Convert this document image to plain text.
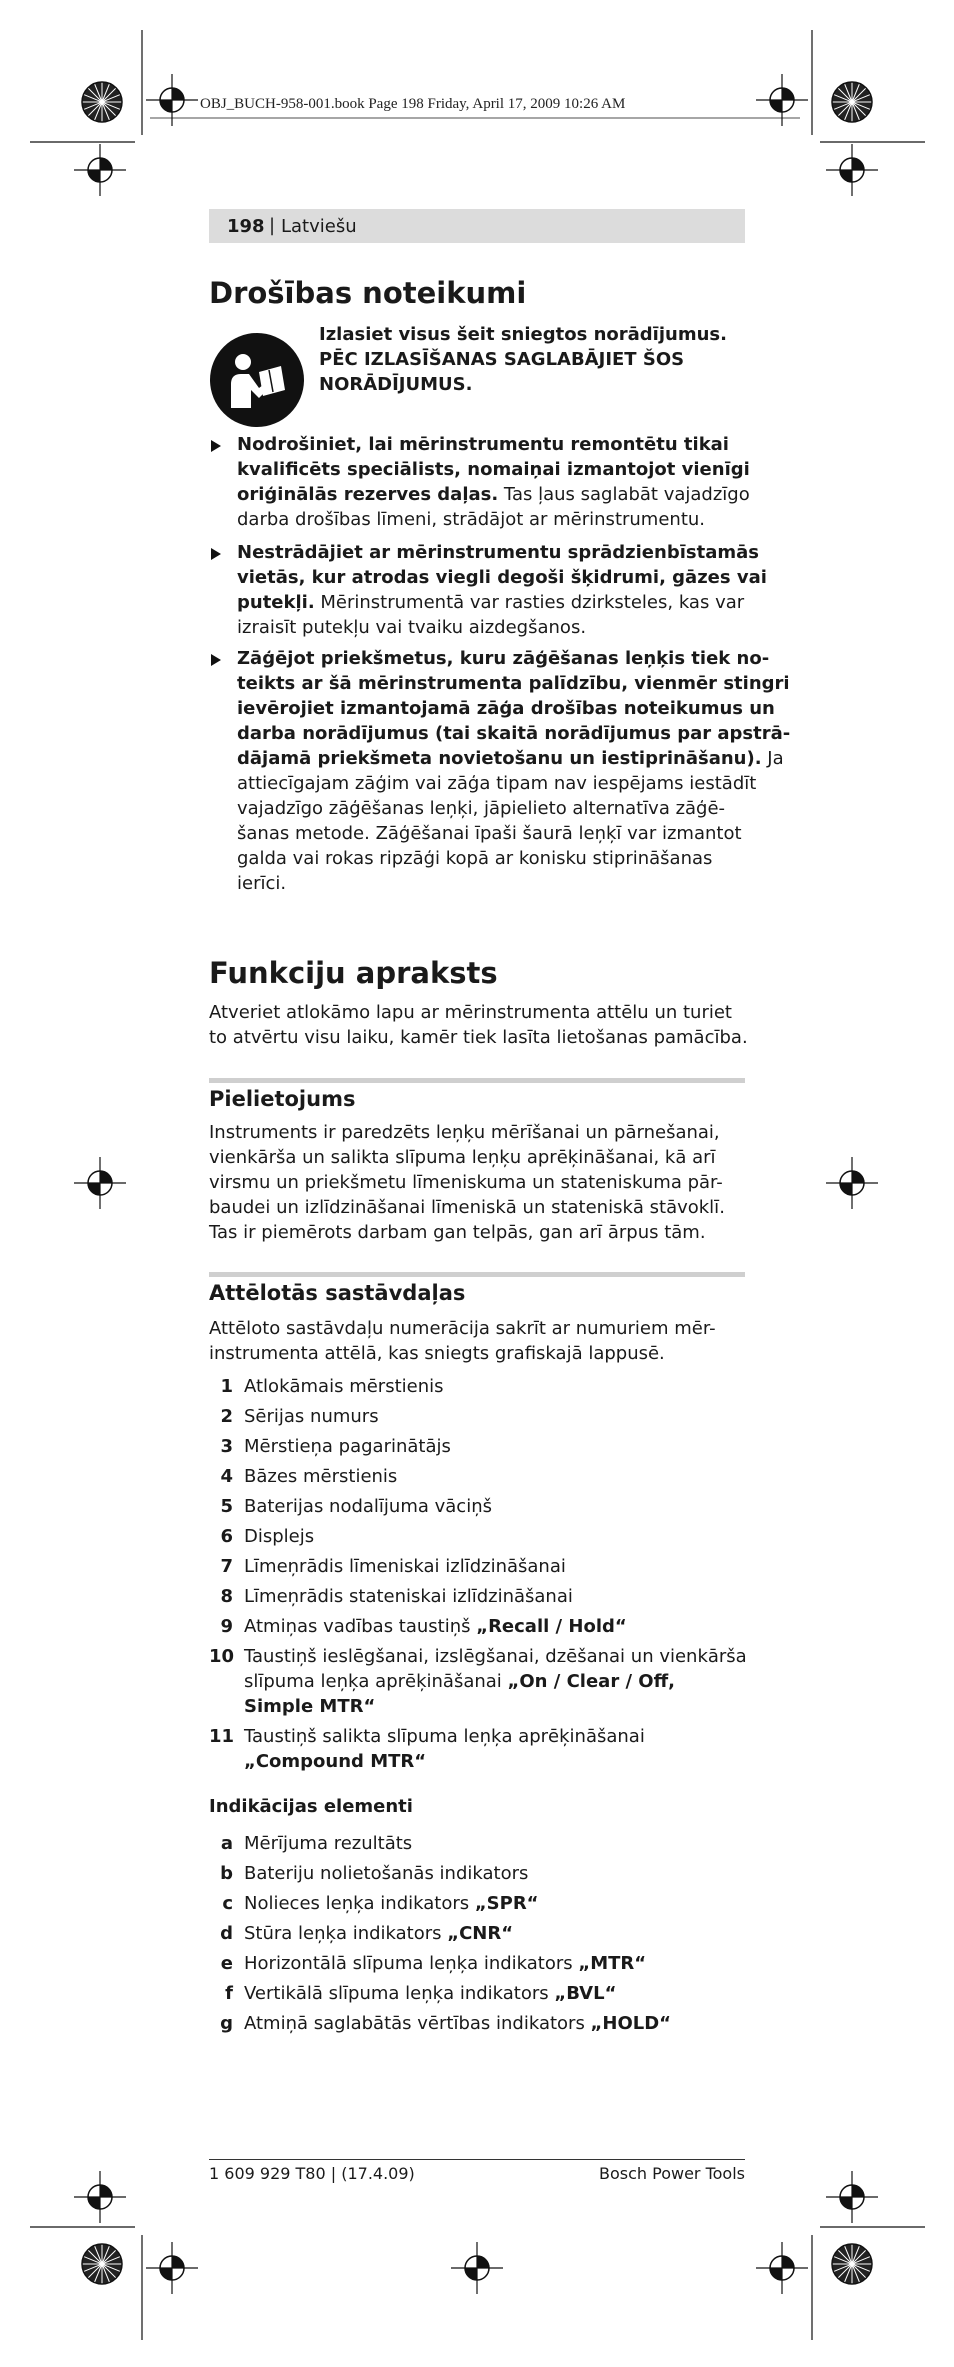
OBJ_BUCH-958-001.book Page 198 Friday, April 17, 2009 10:26 AM
198 | Latviešu
Drošības noteikumi
Izlasiet visus šeit sniegtos norādījumus.
PĒC IZLASĪŠANAS SAGLABĀJIET ŠOS
NORĀDĪJUMUS.
Nodrošiniet, lai mērinstrumentu remontētu tikai
kvalificēts speciālists, nomaiņai izmantojot vienīgi
oriģinālās rezerves daļas. Tas ļaus saglabāt vajadzīgo
darba drošības līmeni, strādājot ar mērinstrumentu.
Nestrādājiet ar mērinstrumentu sprādzienbīstamās
vietās, kur atrodas viegli degoši šķidrumi, gāzes vai
putekļi. Mērinstrumentā var rasties dzirksteles, kas var
izraisīt putekļu vai tvaiku aizdegšanos.
Zāģējot priekšmetus, kuru zāģēšanas leņķis tiek no-
teikts ar šā mērinstrumenta palīdzību, vienmēr stingri
ievērojiet izmantojamā zāģa drošības noteikumus un
darba norādījumus (tai skaitā norādījumus par apstrā-
dājamā priekšmeta novietošanu un iestiprināšanu). Ja
attiecīgajam zāģim vai zāģa tipam nav iespējams iestādīt
vajadzīgo zāģēšanas leņķi, jāpielieto alternatīva zāģē-
šanas metode. Zāģēšanai īpaši šaurā leņķī var izmantot
galda vai rokas ripzāģi kopā ar konisku stiprināšanas
ierīci.
Funkciju apraksts
Atveriet atlokāmo lapu ar mērinstrumenta attēlu un turiet
to atvērtu visu laiku, kamēr tiek lasīta lietošanas pamācība.
Pielietojums
Instruments ir paredzēts leņķu mērīšanai un pārnešanai,
vienkārša un salikta slīpuma leņķu aprēķināšanai, kā arī
virsmu un priekšmetu līmeniskuma un stateniskuma pār-
baudei un izlīdzināšanai līmeniskā un stateniskā stāvoklī.
Tas ir piemērots darbam gan telpās, gan arī ārpus tām.
Attēlotās sastāvdaļas
Attēloto sastāvdaļu numerācija sakrīt ar numuriem mēr-
instrumenta attēlā, kas sniegts grafiskajā lappusē.
1 Atlokāmais mērstienis
2 Sērijas numurs
3 Mērstieņa pagarinātājs
4 Bāzes mērstienis
5 Baterijas nodalījuma vāciņš
6 Displejs
7 Līmeņrādis līmeniskai izlīdzināšanai
8 Līmeņrādis stateniskai izlīdzināšanai
9 Atmiņas vadības taustiņš „Recall / Hold“
10 Taustiņš ieslēgšanai, izslēgšanai, dzēšanai un vienkārša
slīpuma leņķa aprēķināšanai „On / Clear / Off,
Simple MTR“
11 Taustiņš salikta slīpuma leņķa aprēķināšanai
„Compound MTR“
Indikācijas elementi
a Mērījuma rezultāts
b Bateriju nolietošanās indikators
c Nolieces leņķa indikators „SPR“
d Stūra leņķa indikators „CNR“
e Horizontālā slīpuma leņķa indikators „MTR“
f Vertikālā slīpuma leņķa indikators „BVL“
g Atmiņā saglabātās vērtības indikators „HOLD“
1 609 929 T80 | (17.4.09)	Bosch Power Tools
